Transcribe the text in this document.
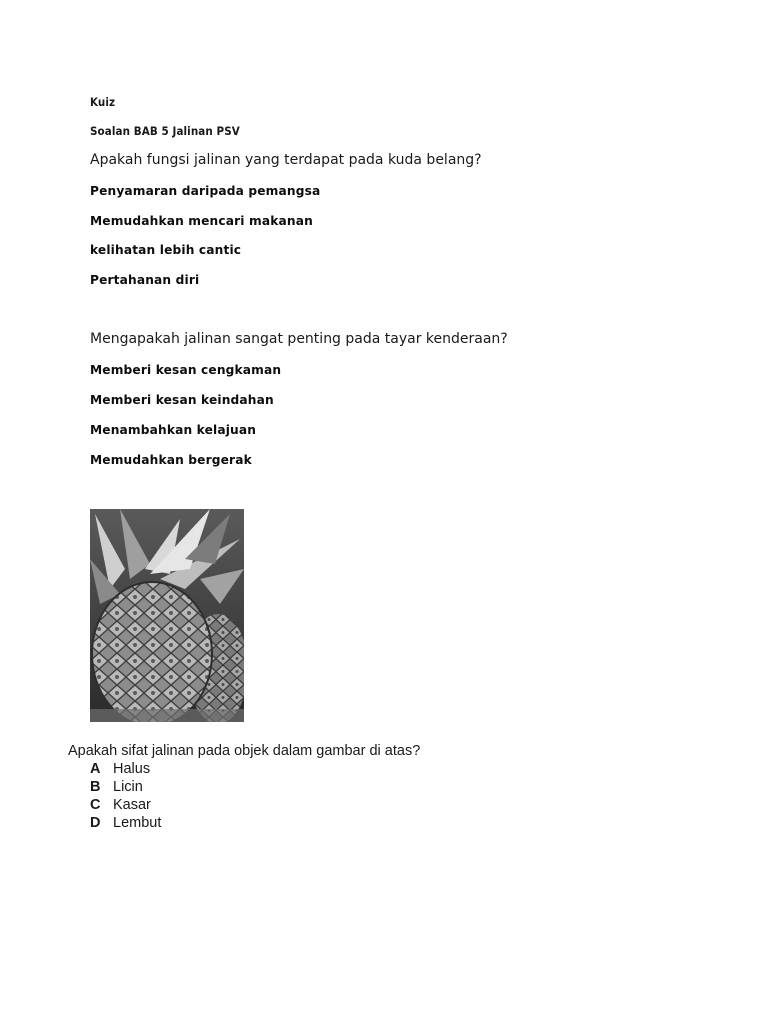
Kuiz
Soalan BAB 5 Jalinan PSV
Apakah fungsi jalinan yang terdapat pada kuda belang?
Penyamaran daripada pemangsa
Memudahkan mencari makanan
kelihatan lebih cantic
Pertahanan diri
Mengapakah jalinan sangat penting pada tayar kenderaan?
Memberi kesan cengkaman
Memberi kesan keindahan
Menambahkan kelajuan
Memudahkan bergerak
Apakah sifat jalinan pada objek dalam gambar di atas?
A Halus
B Licin
C Kasar
D Lembut
